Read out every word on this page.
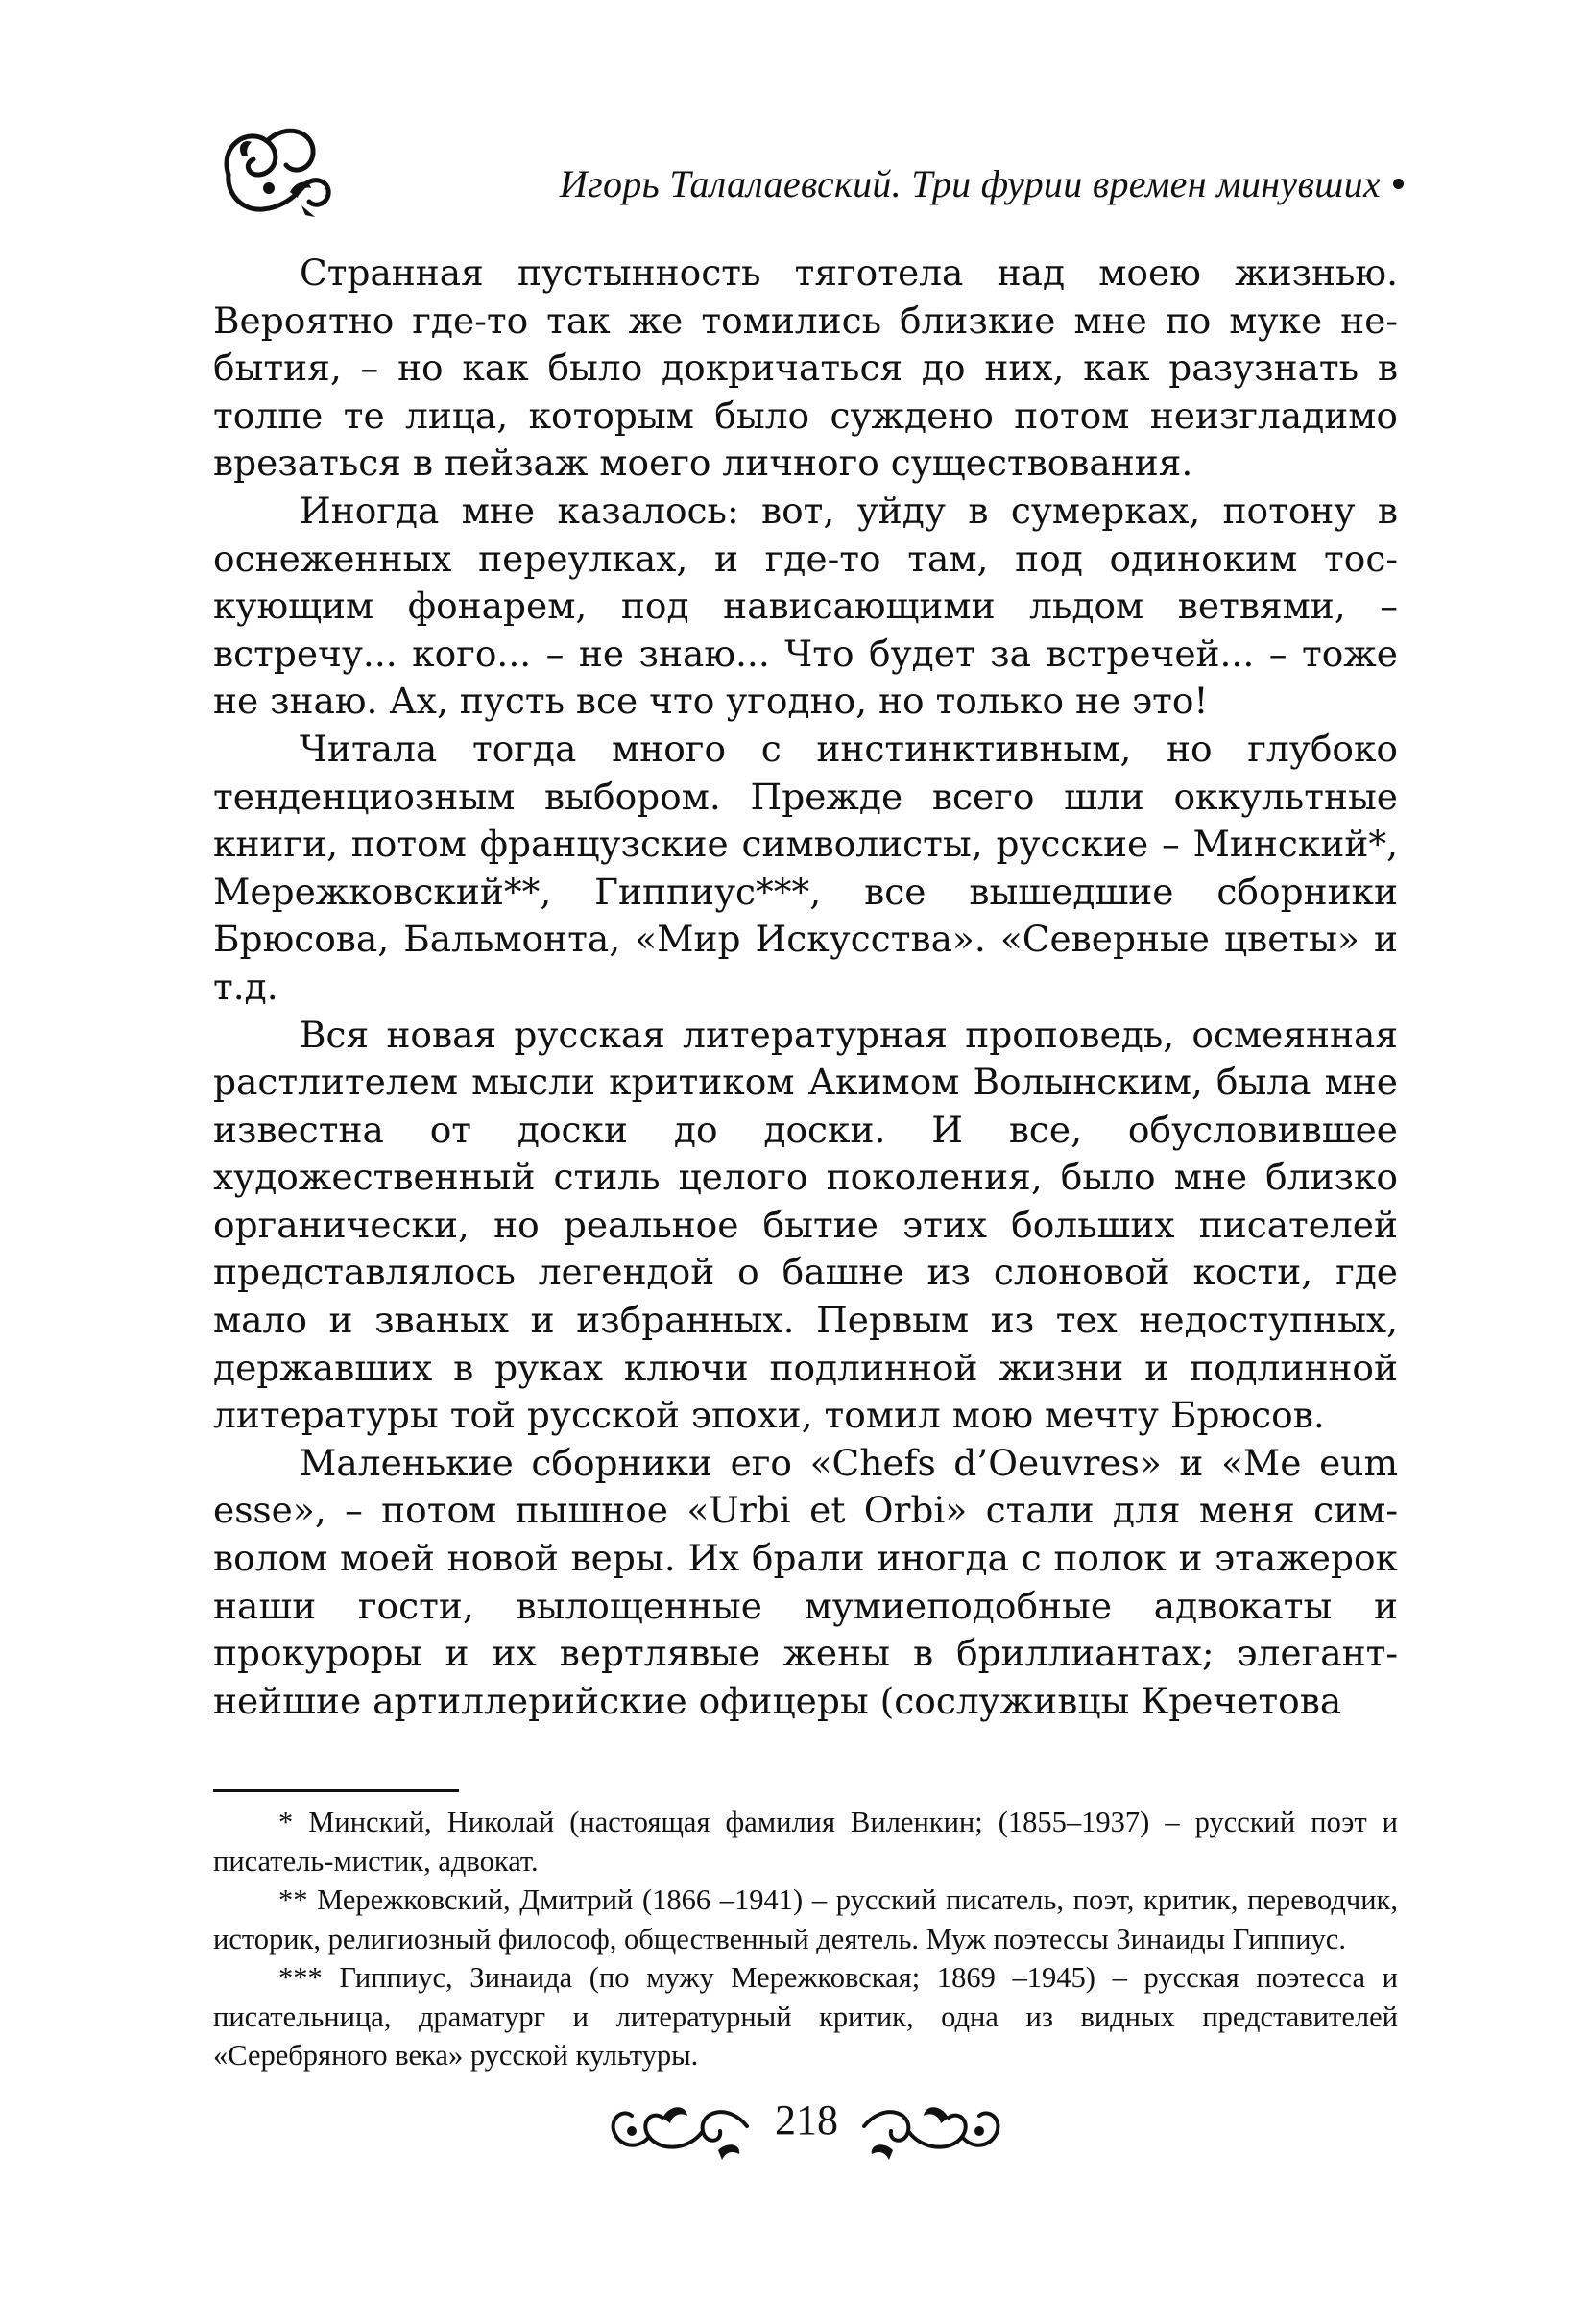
Игорь Талалаевский. Три фурии времен минувших

Странная пустынность тяготела над моею жизнью. Вероятно где-то так же томились близкие мне по муке небытия, – но как было докричаться до них, как разузнать в толпе те лица, которым было суждено потом неизгладимо врезаться в пейзаж моего личного существования.

Иногда мне казалось: вот, уйду в сумерках, потону в оснеженных переулках, и где-то там, под одиноким тоскующим фонарем, под нависающими льдом ветвями, – встречу... кого... – не знаю... Что будет за встречей... – тоже не знаю. Ах, пусть все что угодно, но только не это!

Читала тогда много с инстинктивным, но глубоко тенденциозным выбором. Прежде всего шли оккультные книги, потом французские символисты, русские – Минский*, Мережковский**, Гиппиус***, все вышедшие сборники Брюсова, Бальмонта, «Мир Искусства». «Северные цветы» и т.д.

Вся новая русская литературная проповедь, осмеянная растлителем мысли критиком Акимом Волынским, была мне известна от доски до доски. И все, обусловившее художественный стиль целого поколения, было мне близко органически, но реальное бытие этих больших писателей представлялось легендой о башне из слоновой кости, где мало и званых и избранных. Первым из тех недоступных, державших в руках ключи подлинной жизни и подлинной литературы той русской эпохи, томил мою мечту Брюсов.

Маленькие сборники его «Chefs d’Oeuvres» и «Me eum esse», – потом пышное «Urbi et Orbi» стали для меня символом моей новой веры. Их брали иногда с полок и этажерок наши гости, вылощенные мумиеподобные адвокаты и прокуроры и их вертлявые жены в бриллиантах; элегантнейшие артиллерийские офицеры (сослуживцы Кречетова

* Минский, Николай (настоящая фамилия Виленкин; (1855–1937) – русский поэт и писатель-мистик, адвокат.

** Мережковский, Дмитрий (1866 –1941) – русский писатель, поэт, критик, переводчик, историк, религиозный философ, общественный деятель. Муж поэтессы Зинаиды Гиппиус.

*** Гиппиус, Зинаида (по мужу Мережковская; 1869 –1945) – русская поэтесса и писательница, драматург и литературный критик, одна из видных представителей «Серебряного века» русской культуры.

218
